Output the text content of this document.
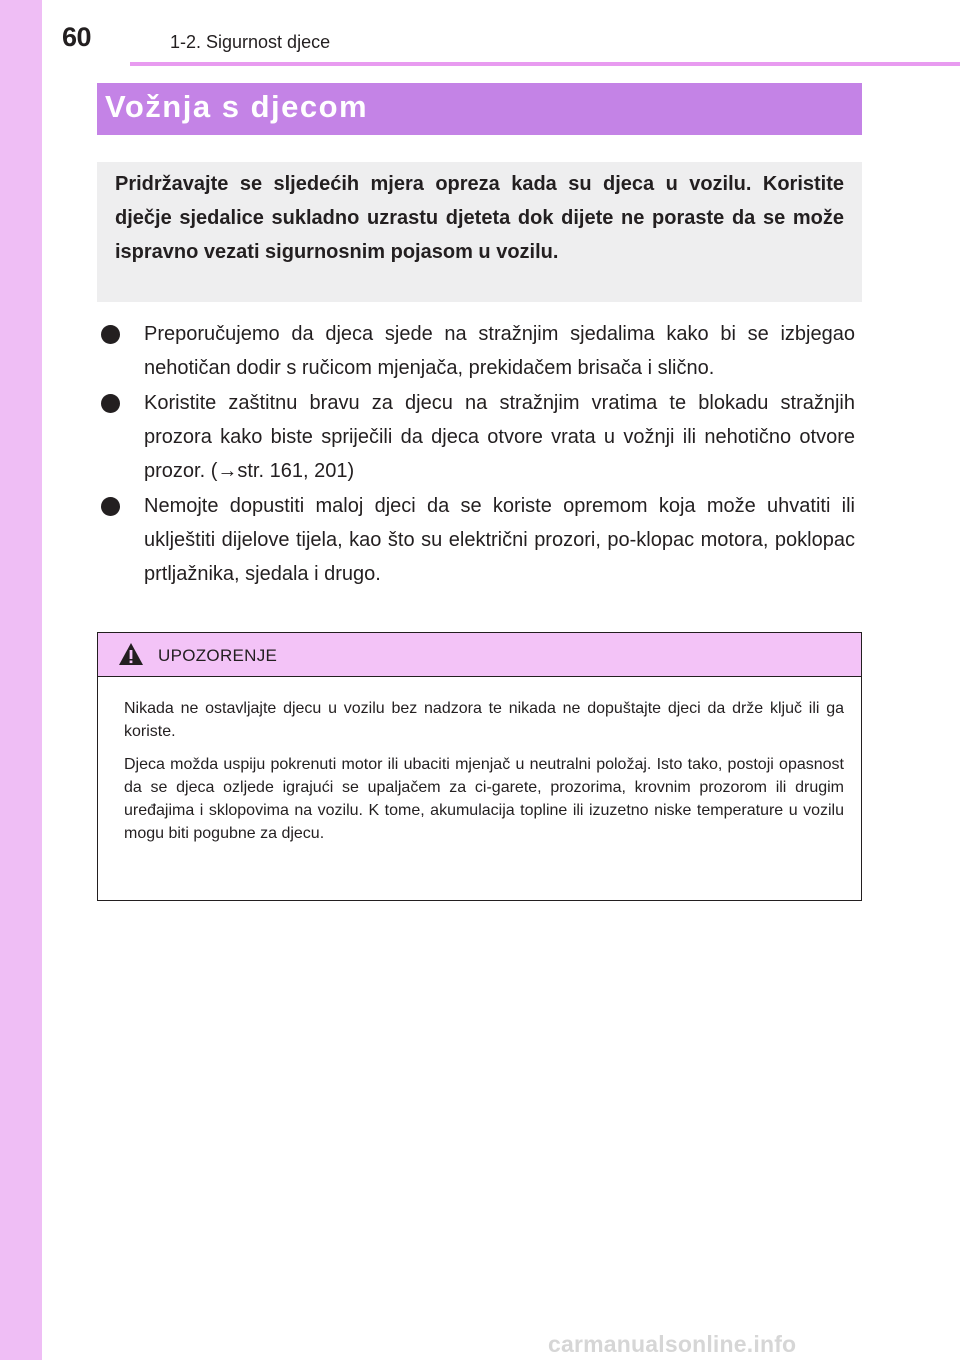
60	1-2. Sigurnost djece
Vožnja s djecom
Pridržavajte se sljedećih mjera opreza kada su djeca u vozilu. Koristite dječje sjedalice sukladno uzrastu djeteta dok dijete ne poraste da se može ispravno vezati sigurnosnim pojasom u vozilu.
Preporučujemo da djeca sjede na stražnjim sjedalima kako bi se izbjegao nehotičan dodir s ručicom mjenjača, prekidačem brisača i slično.
Koristite zaštitnu bravu za djecu na stražnjim vratima te blokadu stražnjih prozora kako biste spriječili da djeca otvore vrata u vožnji ili nehotično otvore prozor. (→str. 161, 201)
Nemojte dopustiti maloj djeci da se koriste opremom koja može uhvatiti ili uklještiti dijelove tijela, kao što su električni prozori, po-klopac motora, poklopac prtljažnika, sjedala i drugo.
UPOZORENJE

Nikada ne ostavljajte djecu u vozilu bez nadzora te nikada ne dopuštajte djeci da drže ključ ili ga koriste.

Djeca možda uspiju pokrenuti motor ili ubaciti mjenjač u neutralni položaj. Isto tako, postoji opasnost da se djeca ozljede igrajući se upaljačem za ci-garete, prozorima, krovnim prozorom ili drugim uređajima i sklopovima na vozilu. K tome, akumulacija topline ili izuzetno niske temperature u vozilu mogu biti pogubne za djecu.

carmanualsonline.info
